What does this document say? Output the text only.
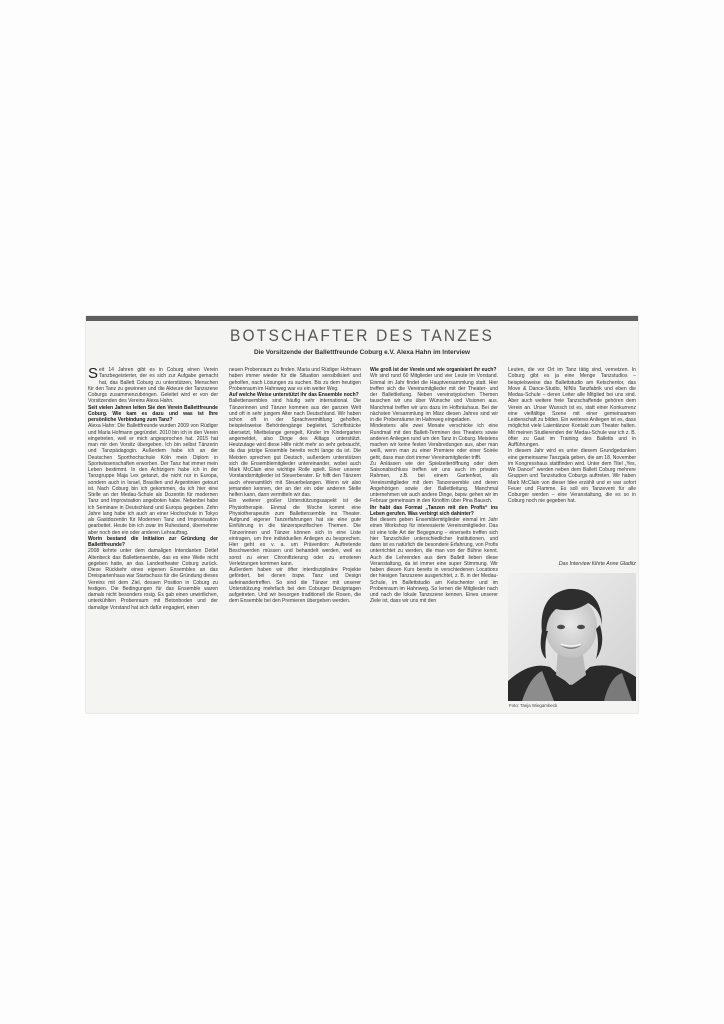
BOTSCHAFTER DES TANZES
Die Vorsitzende der Ballettfreunde Coburg e.V. Alexa Hahn im Interview

Seit 14 Jahren gibt es in Coburg einen Verein Tanzbegeisterter, der es sich zur Aufgabe gemacht hat, das Ballett Coburg zu unterstützen, Menschen für den Tanz zu gewinnen und die Akteure der Tanzszene Coburgs zusammenzubringen. Geleitet wird er von der Vorsitzenden des Vereins Alexa Hahn.

Seit vielen Jahren leiten Sie den Verein Ballettfreunde Coburg. Wie kam es dazu und was ist Ihre persönliche Verbindung zum Tanz?

Alexa Hahn: Die Ballettfreunde wurden 2009 von Rüdiger und Maria Hofmann gegründet. 2010 bin ich in den Verein eingetreten, weil er mich angesprochen hat. 2015 hat man mir den Vorsitz übergeben. Ich bin selbst Tänzerin und Tanzpädagogin. Außerdem habe ich an der Deutschen Sporthochschule Köln mein Diplom in Sportwissenschaften erworben. Der Tanz hat immer mein Leben bestimmt. In den Achtzigern habe ich in der Tanzgruppe Maja Lex getanzt, die nicht nur in Europa, sondern auch in Israel, Brasilien und Argentinien getourt ist. Nach Coburg bin ich gekommen, da ich hier eine Stelle an der Medau-Schule als Dozentin für modernen Tanz und Improvisation angeboten habe. Nebenbei habe ich Seminare in Deutschland und Europa gegeben. Zehn Jahre lang habe ich auch an einer Hochschule in Tokyo als Gastdozentin für Modernen Tanz und Improvisation gearbeitet. Heute bin ich zwar im Ruhestand, übernehme aber noch den ein oder anderen Lehrauftrag.

Worin bestand die Initiation zur Gründung der Ballettfreunde?

2008 kehrte unter dem damaligen Intendanten Detlef Altenbeck das Ballettensemble, das es eine Weile nicht gegeben hatte, an das Landestheater Coburg zurück. Diese Rückkehr eines eigenen Ensembles an das Dreispartenhaus war Startschuss für die Gründung dieses Vereins mit dem Ziel, dessen Position in Coburg zu festigen. Die Bedingungen für das Ensemble waren damals nicht besonders rosig. Es gab einen unwirtlichen, unterkühlten Probenraum mit Betonboden und der damalige Vorstand hat sich dafür engagiert, einen

neuen Probenraum zu finden. Maria und Rüdiger Hofmann haben immer wieder für die Situation sensibilisiert und geholfen, nach Lösungen zu suchen. Bis zu dem heutigen Probenraum im Hahnweg war es ein weiter Weg.

Auf welche Weise unterstützt ihr das Ensemble noch?

Ballettensembles sind häufig sehr international. Die Tänzerinnen und Tänzer kommen aus der ganzen Welt und oft in sehr jungem Alter nach Deutschland. Wir haben schon oft in der Sprachvermittlung geholfen, beispielsweise Behördengänge begleitet, Schriftstücke übersetzt, Mietbelange geregelt, Kinder im Kindergarten angemeldet, also Dinge des Alltags unterstützt. Heutzutage wird diese Hilfe nicht mehr so sehr gebraucht, da das jetzige Ensemble bereits recht lange da ist. Die Meisten sprechen gut Deutsch, außerdem unterstützen sich die Ensemblemitglieder untereinander, wobei auch Mark McClain eine wichtige Rolle spielt. Einer unserer Vorstandsmitglieder ist Steuerberater. Er hilft den Tänzern auch ehrenamtlich mit Steuerbelangen. Wenn wir also jemanden kennen, der an der ein oder anderen Stelle helfen kann, dann vermitteln wir das.

Ein weiterer großer Unterstützungsaspekt ist die Physiotherapie. Einmal die Woche kommt eine Physiotherapeutin zum Ballettensemble ins Theater. Aufgrund eigener Tanzerfahrungen hat sie eine gute Einführung in die tänzerspezifischen Themen. Die Tänzerinnen und Tänzer können sich in eine Liste eintragen, um ihre individuellen Anliegen zu besprechen. Hier geht es v. a. um Prävention: Auftretende Beschwerden müssen und behandelt werden, weil es sonst zu einer Chronifizierung oder zu ernsteren Verletzungen kommen kann.

Außerdem haben wir öfter interdisziplinäre Projekte gefördert, bei denen bspw. Tanz und Design aufeinandertreffen. So sind die Tänzer mit unserer Unterstützung mehrfach bei den Coburger Designtagen aufgetreten. Und wir besorgen traditionell die Rosen, die dem Ensemble bei den Premieren übergeben werden.

Wie groß ist der Verein und wie organisiert ihr euch?

Wir sind rund 60 Mitglieder und vier Leute im Vorstand. Einmal im Jahr findet die Hauptversammlung statt. Hier treffen sich die Vereinsmitglieder mit der Theater- und der Ballettleitung. Neben vereinstypischen Themen tauschen wir uns über Wünsche und Visionen aus. Manchmal treffen wir uns dazu im Hofbräuhaus. Bei der nächsten Versammlung im März diesen Jahres sind wir in die Probenräume im Hahnweg eingeladen.

Mindestens alle zwei Monate verschicke ich eine Rundmail mit den Ballett-Terminen des Theaters sowie anderen Anliegen rund um den Tanz in Coburg. Meistens machen wir keine festen Verabredungen aus, aber man weiß, wenn man zu einer Premiere oder einer Soirée geht, dass man dort immer Vereinsmitglieder trifft.

Zu Anlässen wie der Spielzeiteröffnung oder dem Saisonabschluss treffen wir uns auch im privaten Rahmen, z.B. bei einem Gartenfest, als Vereinsmitglieder mit dem Tanzensemble und deren Angehörigen sowie der Ballettleitung. Manchmal unternehmen wir auch andere Dinge, bspw. gehen wir im Februar gemeinsam in den Kinofilm über Pina Bausch.

Ihr habt das Format „Tanzen mit den Profis“ ins Leben gerufen. Was verbirgt sich dahinter?

Bei diesem geben Ensemblemitglieder einmal im Jahr einen Workshop für interessierte Vereinsmitglieder. Das ist eine tolle Art der Begegnung – einerseits treffen sich hier Tanzschüler unterschiedlicher Institutionen, und dann ist es natürlich die besondere Erfahrung, von Profis unterrichtet zu werden, die man von der Bühne kennt. Auch die Lehrenden aus dem Ballett lieben diese Veranstaltung, da ist immer eine super Stimmung. Wir haben diesen Kurs bereits in verschiedenen Locations der hiesigen Tanzszene ausgerichtet, z. B. in der Medau-Schule, im Ballettstudio am Ketschentor und im Probenraum im Hahnweg. So lernen die Mitglieder nach und nach die lokale Tanzszene kennen. Eines unserer Ziele ist, dass wir uns mit den

Leuten, die vor Ort im Tanz tätig sind, vernetzen. In Coburg gibt es ja eine Menge Tanzstudios – beispielsweise das Ballettstudio am Ketschentor, das Move & Dance-Studio, NINIs Tanzfabrik und eben die Medau-Schule – deren Leiter alle Mitglied bei uns sind. Aber auch weitere freie Tanzschaffende gehören dem Verein an. Unser Wunsch ist es, statt einer Konkurrenz eine vielfältige Szene mit einer gemeinsamen Leidenschaft zu bilden. Ein weiteres Anliegen ist es, dass möglichst viele Laientänzer Kontakt zum Theater halten. Mit meinen Studierenden der Medau-Schule war ich z. B. öfter zu Gast im Training des Balletts und in Aufführungen.

In diesem Jahr wird es unter diesem Grundgedanken eine gemeinsame Tanzgala geben, die am 18. November im Kongresshaus stattfinden wird. Unter dem Titel „Yes, We Dance!“ werden neben dem Ballett Coburg mehrere Gruppen und Tanzstudios Coburgs auftreten. Wir haben Mark McClain von dieser Idee erzählt und er war sofort Feuer und Flamme. Es soll ein Tanzevent für alle Coburger werden – eine Veranstaltung, die es so in Coburg noch nie gegeben hat.

Das Interview führte Anne Gladitz
Foto: Tanja Wiegambeck
